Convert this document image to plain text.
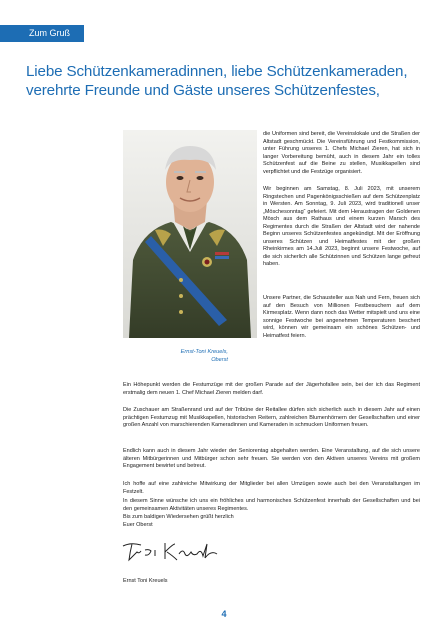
Zum Gruß
Liebe Schützenkameradinnen, liebe Schützenkameraden,
verehrte Freunde und Gäste unseres Schützenfestes,
Ernst-Toni Kreuels,
Oberst

die Uniformen sind bereit, die Vereinslokale und die Straßen der Altstadt geschmückt. Die Vereinsführung und Festkommission, unter Führung unseres 1. Chefs Michael Zieren, hat sich in langer Vorbereitung bemüht, auch in diesem Jahr ein tolles Schützenfest auf die Beine zu stellen, Musikkapellen sind verpflichtet und die Festzüge organisiert.

Wir beginnen am Samstag, 8. Juli 2023, mit unserem Ringstechen und Pagenkönigsschießen auf dem Schützenplatz in Wersten. Am Sonntag, 9. Juli 2023, wird traditionell unser „Möschesonntag“ gefeiert. Mit dem Heraustragen der Goldenen Mösch aus dem Rathaus und einem kurzen Marsch des Regimentes durch die Straßen der Altstadt wird der nahende Beginn unseres Schützenfestes angekündigt. Mit der Eröffnung unseres Schützen und Heimatfestes mit der großen Rheinkirmes am 14.Juli 2023, beginnt unsere Festwoche, auf die sich sicherlich alle Schützinnen und Schützen lange gefreut haben.

Unsere Partner, die Schausteller aus Nah und Fern, freuen sich auf den Besuch von Millionen Festbesuchern auf dem Kirmesplatz. Wenn dann noch das Wetter mitspielt und uns eine sonnige Festwoche bei angenehmen Temperaturen beschert wird, können wir gemeinsam ein schönes Schützen- und Heimatfest feiern.

Ein Höhepunkt werden die Festumzüge mit der großen Parade auf der Jägerhofallee sein, bei der ich das Regiment erstmalig dem neuen 1. Chef Michael Zieren melden darf.

Die Zuschauer am Straßenrand und auf der Tribüne der Reitallee dürfen sich sicherlich auch in diesem Jahr auf einen prächtigen Festumzug mit Musikkapellen, historischen Reitern, zahlreichen Blumenhörnern der Gesellschaften und einer großen Anzahl von marschierenden Kameradinnen und Kameraden in schmucken Uniformen freuen.

Endlich kann auch in diesem Jahr wieder der Seniorentag abgehalten werden. Eine Veranstaltung, auf die sich unsere älteren Mitbürgerinnen und Mitbürger schon sehr freuen. Sie werden von den Aktiven unseres Vereins mit großem Engagement bewirtet und betreut.

Ich hoffe auf eine zahlreiche Mitwirkung der Mitglieder bei allen Umzügen sowie auch bei den Veranstaltungen im Festzelt.

In diesem Sinne wünsche ich uns ein fröhliches und harmonisches Schützenfest innerhalb der Gesellschaften und bei den gemeinsamen Aktivitäten unseres Regimentes.

Bis zum baldigen Wiedersehen grüßt herzlich
Euer Oberst

Ernst Toni Kreuels
4
